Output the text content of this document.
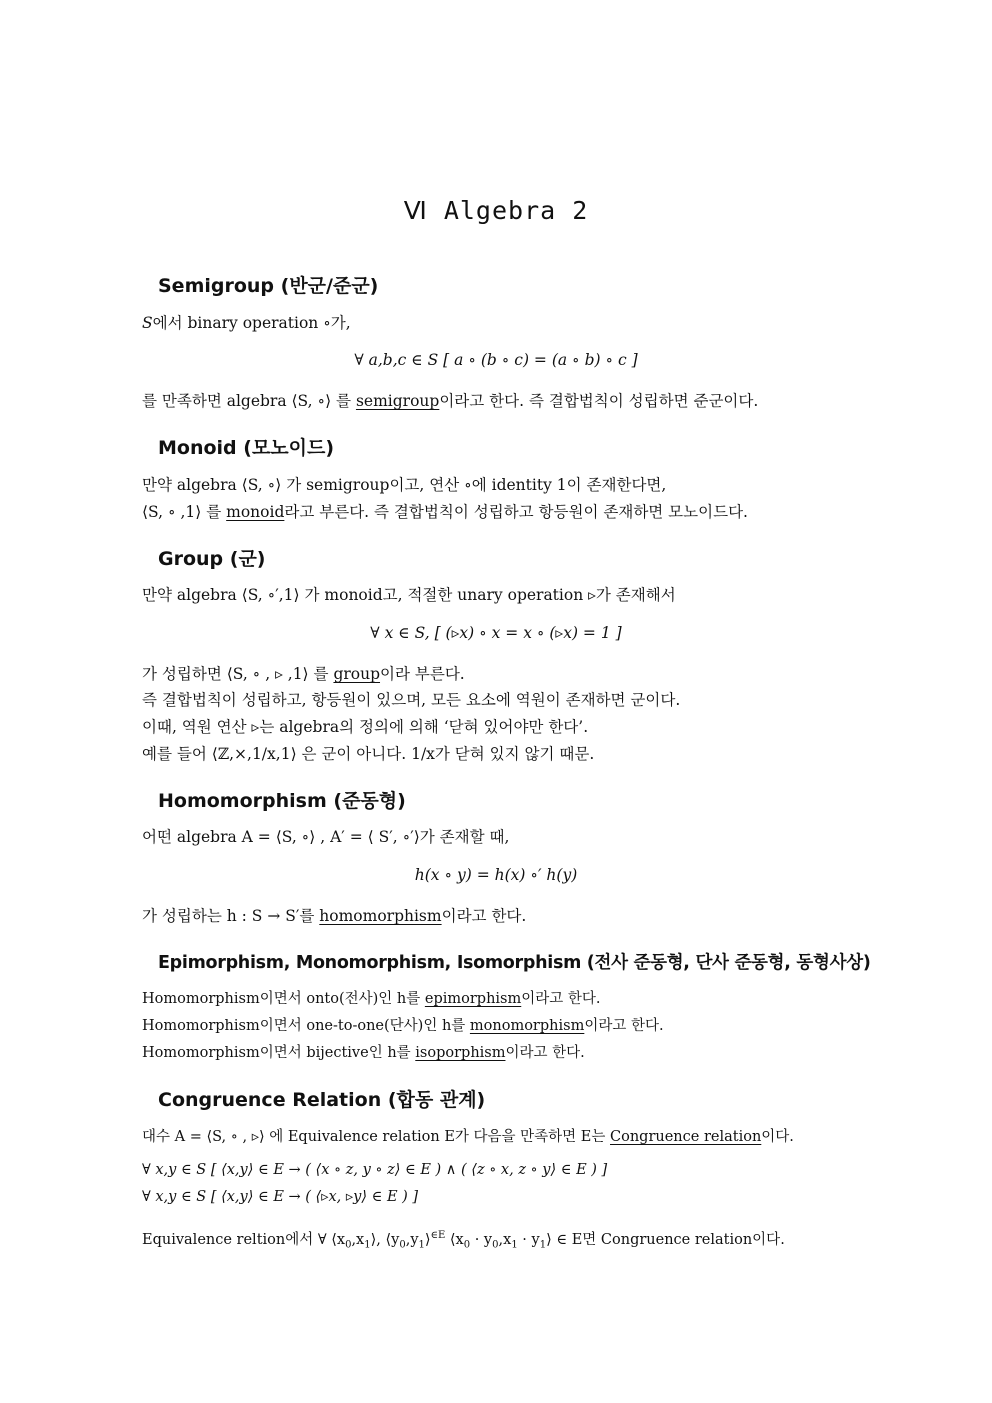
Ⅵ Algebra 2
Semigroup (반군/준군)
S에서 binary operation ∘가,
∀ a,b,c ∈ S [ a ∘ (b ∘ c) = (a ∘ b) ∘ c ]
를 만족하면 algebra ⟨S, ∘⟩ 를 semigroup이라고 한다. 즉 결합법칙이 성립하면 준군이다.
Monoid (모노이드)
만약 algebra ⟨S, ∘⟩ 가 semigroup이고, 연산 ∘에 identity 1이 존재한다면,
⟨S, ∘ ,1⟩ 를 monoid라고 부른다. 즉 결합법칙이 성립하고 항등원이 존재하면 모노이드다.
Group (군)
만약 algebra ⟨S, ∘′,1⟩ 가 monoid고, 적절한 unary operation ▹가 존재해서
∀ x ∈ S, [ (▹x) ∘ x = x ∘ (▹x) = 1 ]
가 성립하면 ⟨S, ∘ , ▹ ,1⟩ 를 group이라 부른다.
즉 결합법칙이 성립하고, 항등원이 있으며, 모든 요소에 역원이 존재하면 군이다.
이때, 역원 연산 ▹는 algebra의 정의에 의해 ‘닫혀 있어야만 한다’.
예를 들어 ⟨ℤ,×,1/x,1⟩ 은 군이 아니다. 1/x가 닫혀 있지 않기 때문.
Homomorphism (준동형)
어떤 algebra A = ⟨S, ∘⟩ , A′ = ⟨ S′, ∘′⟩가 존재할 때,
h(x ∘ y) = h(x) ∘′ h(y)
가 성립하는 h : S → S′를 homomorphism이라고 한다.
Epimorphism, Monomorphism, Isomorphism (전사 준동형, 단사 준동형, 동형사상)
Homomorphism이면서 onto(전사)인 h를 epimorphism이라고 한다.
Homomorphism이면서 one-to-one(단사)인 h를 monomorphism이라고 한다.
Homomorphism이면서 bijective인 h를 isoporphism이라고 한다.
Congruence Relation (합동 관계)
대수 A = ⟨S, ∘ , ▹⟩ 에 Equivalence relation E가 다음을 만족하면 E는 Congruence relation이다.
∀ x,y ∈ S [ ⟨x,y⟩ ∈ E → ( ⟨x ∘ z, y ∘ z⟩ ∈ E ) ∧ ( ⟨z ∘ x, z ∘ y⟩ ∈ E ) ]
∀ x,y ∈ S [ ⟨x,y⟩ ∈ E → ( ⟨▹x, ▹y⟩ ∈ E ) ]
Equivalence reltion에서 ∀ $⟨x_0,x_1⟩$, $⟨y_0,y_1⟩^{\in E}$ $⟨x_0 \cdot y_0,x_1$ · $y_1⟩$ ∈ E면 Congruence relation이다.
